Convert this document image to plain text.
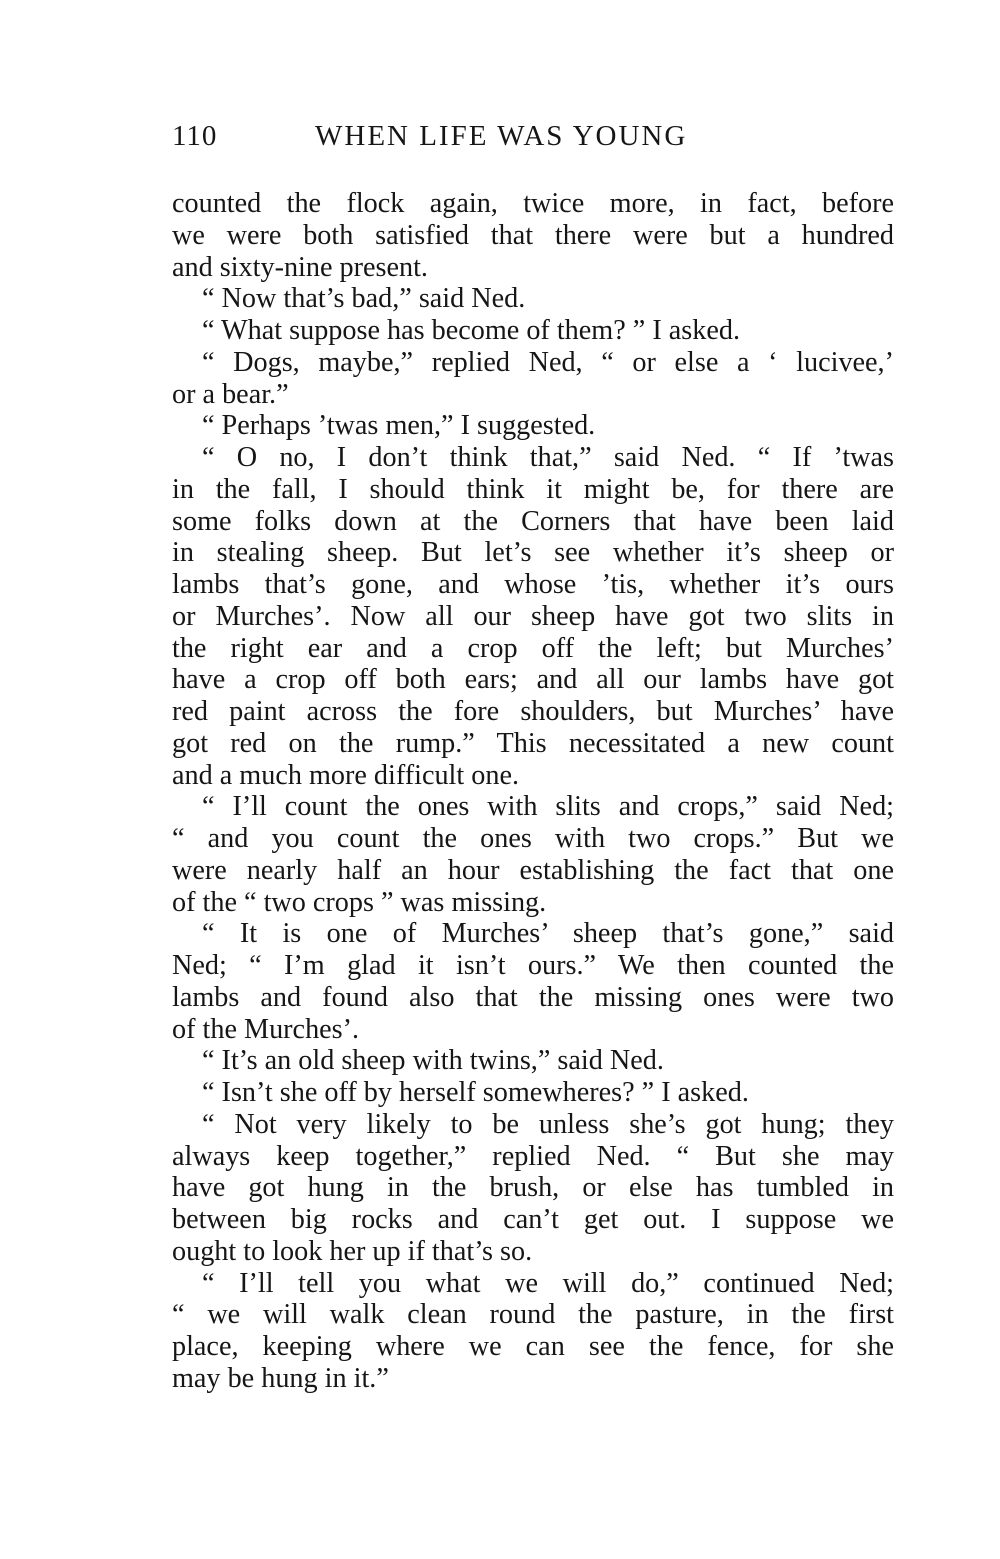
110	WHEN LIFE WAS YOUNG
counted the flock again, twice more, in fact, before
we were both satisfied that there were but a hundred
and sixty-nine present.
“ Now that’s bad,” said Ned.
“ What suppose has become of them? ” I asked.
“ Dogs, maybe,” replied Ned, “ or else a ‘ lucivee,’
or a bear.”
“ Perhaps ’twas men,” I suggested.
“ O no, I don’t think that,” said Ned. “ If ’twas
in the fall, I should think it might be, for there are
some folks down at the Corners that have been laid
in stealing sheep. But let’s see whether it’s sheep or
lambs that’s gone, and whose ’tis, whether it’s ours
or Murches’. Now all our sheep have got two slits in
the right ear and a crop off the left; but Murches’
have a crop off both ears; and all our lambs have got
red paint across the fore shoulders, but Murches’ have
got red on the rump.” This necessitated a new count
and a much more difficult one.
“ I’ll count the ones with slits and crops,” said Ned;
“ and you count the ones with two crops.” But we
were nearly half an hour establishing the fact that one
of the “ two crops ” was missing.
“ It is one of Murches’ sheep that’s gone,” said
Ned; “ I’m glad it isn’t ours.” We then counted the
lambs and found also that the missing ones were two
of the Murches’.
“ It’s an old sheep with twins,” said Ned.
“ Isn’t she off by herself somewheres? ” I asked.
“ Not very likely to be unless she’s got hung; they
always keep together,” replied Ned. “ But she may
have got hung in the brush, or else has tumbled in
between big rocks and can’t get out. I suppose we
ought to look her up if that’s so.
“ I’ll tell you what we will do,” continued Ned;
“ we will walk clean round the pasture, in the first
place, keeping where we can see the fence, for she
may be hung in it.”
